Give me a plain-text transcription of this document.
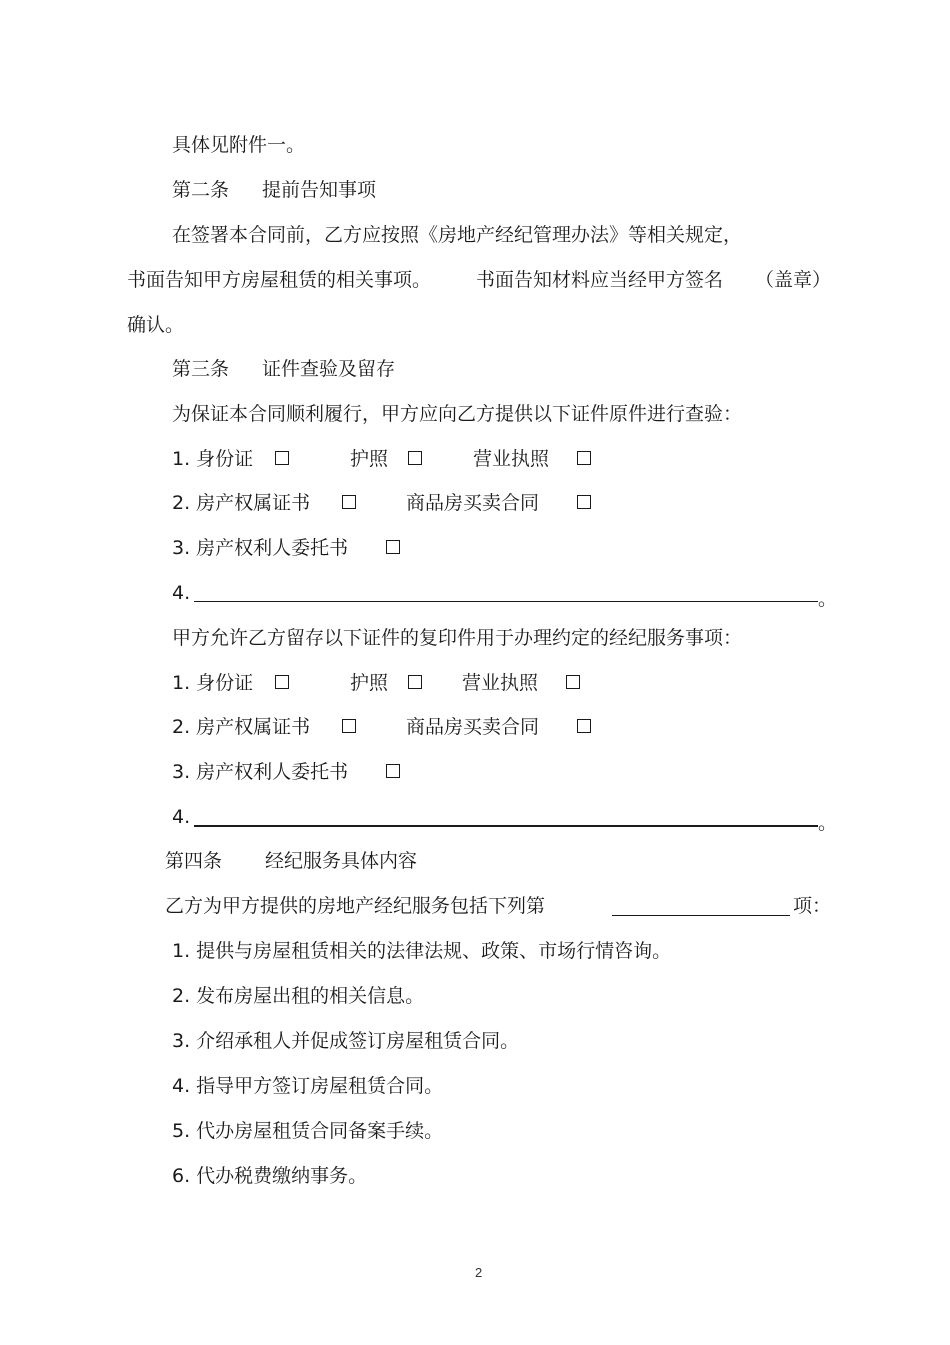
具体见附件一。

第二条 提前告知事项

在签署本合同前，乙方应按照《房地产经纪管理办法》等相关规定，

书面告知甲方房屋租赁的相关事项。 书面告知材料应当经甲方签名 （盖章）

确认。

第三条 证件查验及留存

为保证本合同顺利履行，甲方应向乙方提供以下证件原件进行查验：

1. 身份证	护照	营业执照

2. 房产权属证书	商品房买卖合同

3. 房产权利人委托书

4.	。

甲方允许乙方留存以下证件的复印件用于办理约定的经纪服务事项：

1. 身份证	护照	营业执照

2. 房产权属证书	商品房买卖合同

3. 房产权利人委托书

4.	。

第四条 经纪服务具体内容

乙方为甲方提供的房地产经纪服务包括下列第	项：

1. 提供与房屋租赁相关的法律法规、政策、市场行情咨询。

2. 发布房屋出租的相关信息。

3. 介绍承租人并促成签订房屋租赁合同。

4. 指导甲方签订房屋租赁合同。

5. 代办房屋租赁合同备案手续。

6. 代办税费缴纳事务。

2
